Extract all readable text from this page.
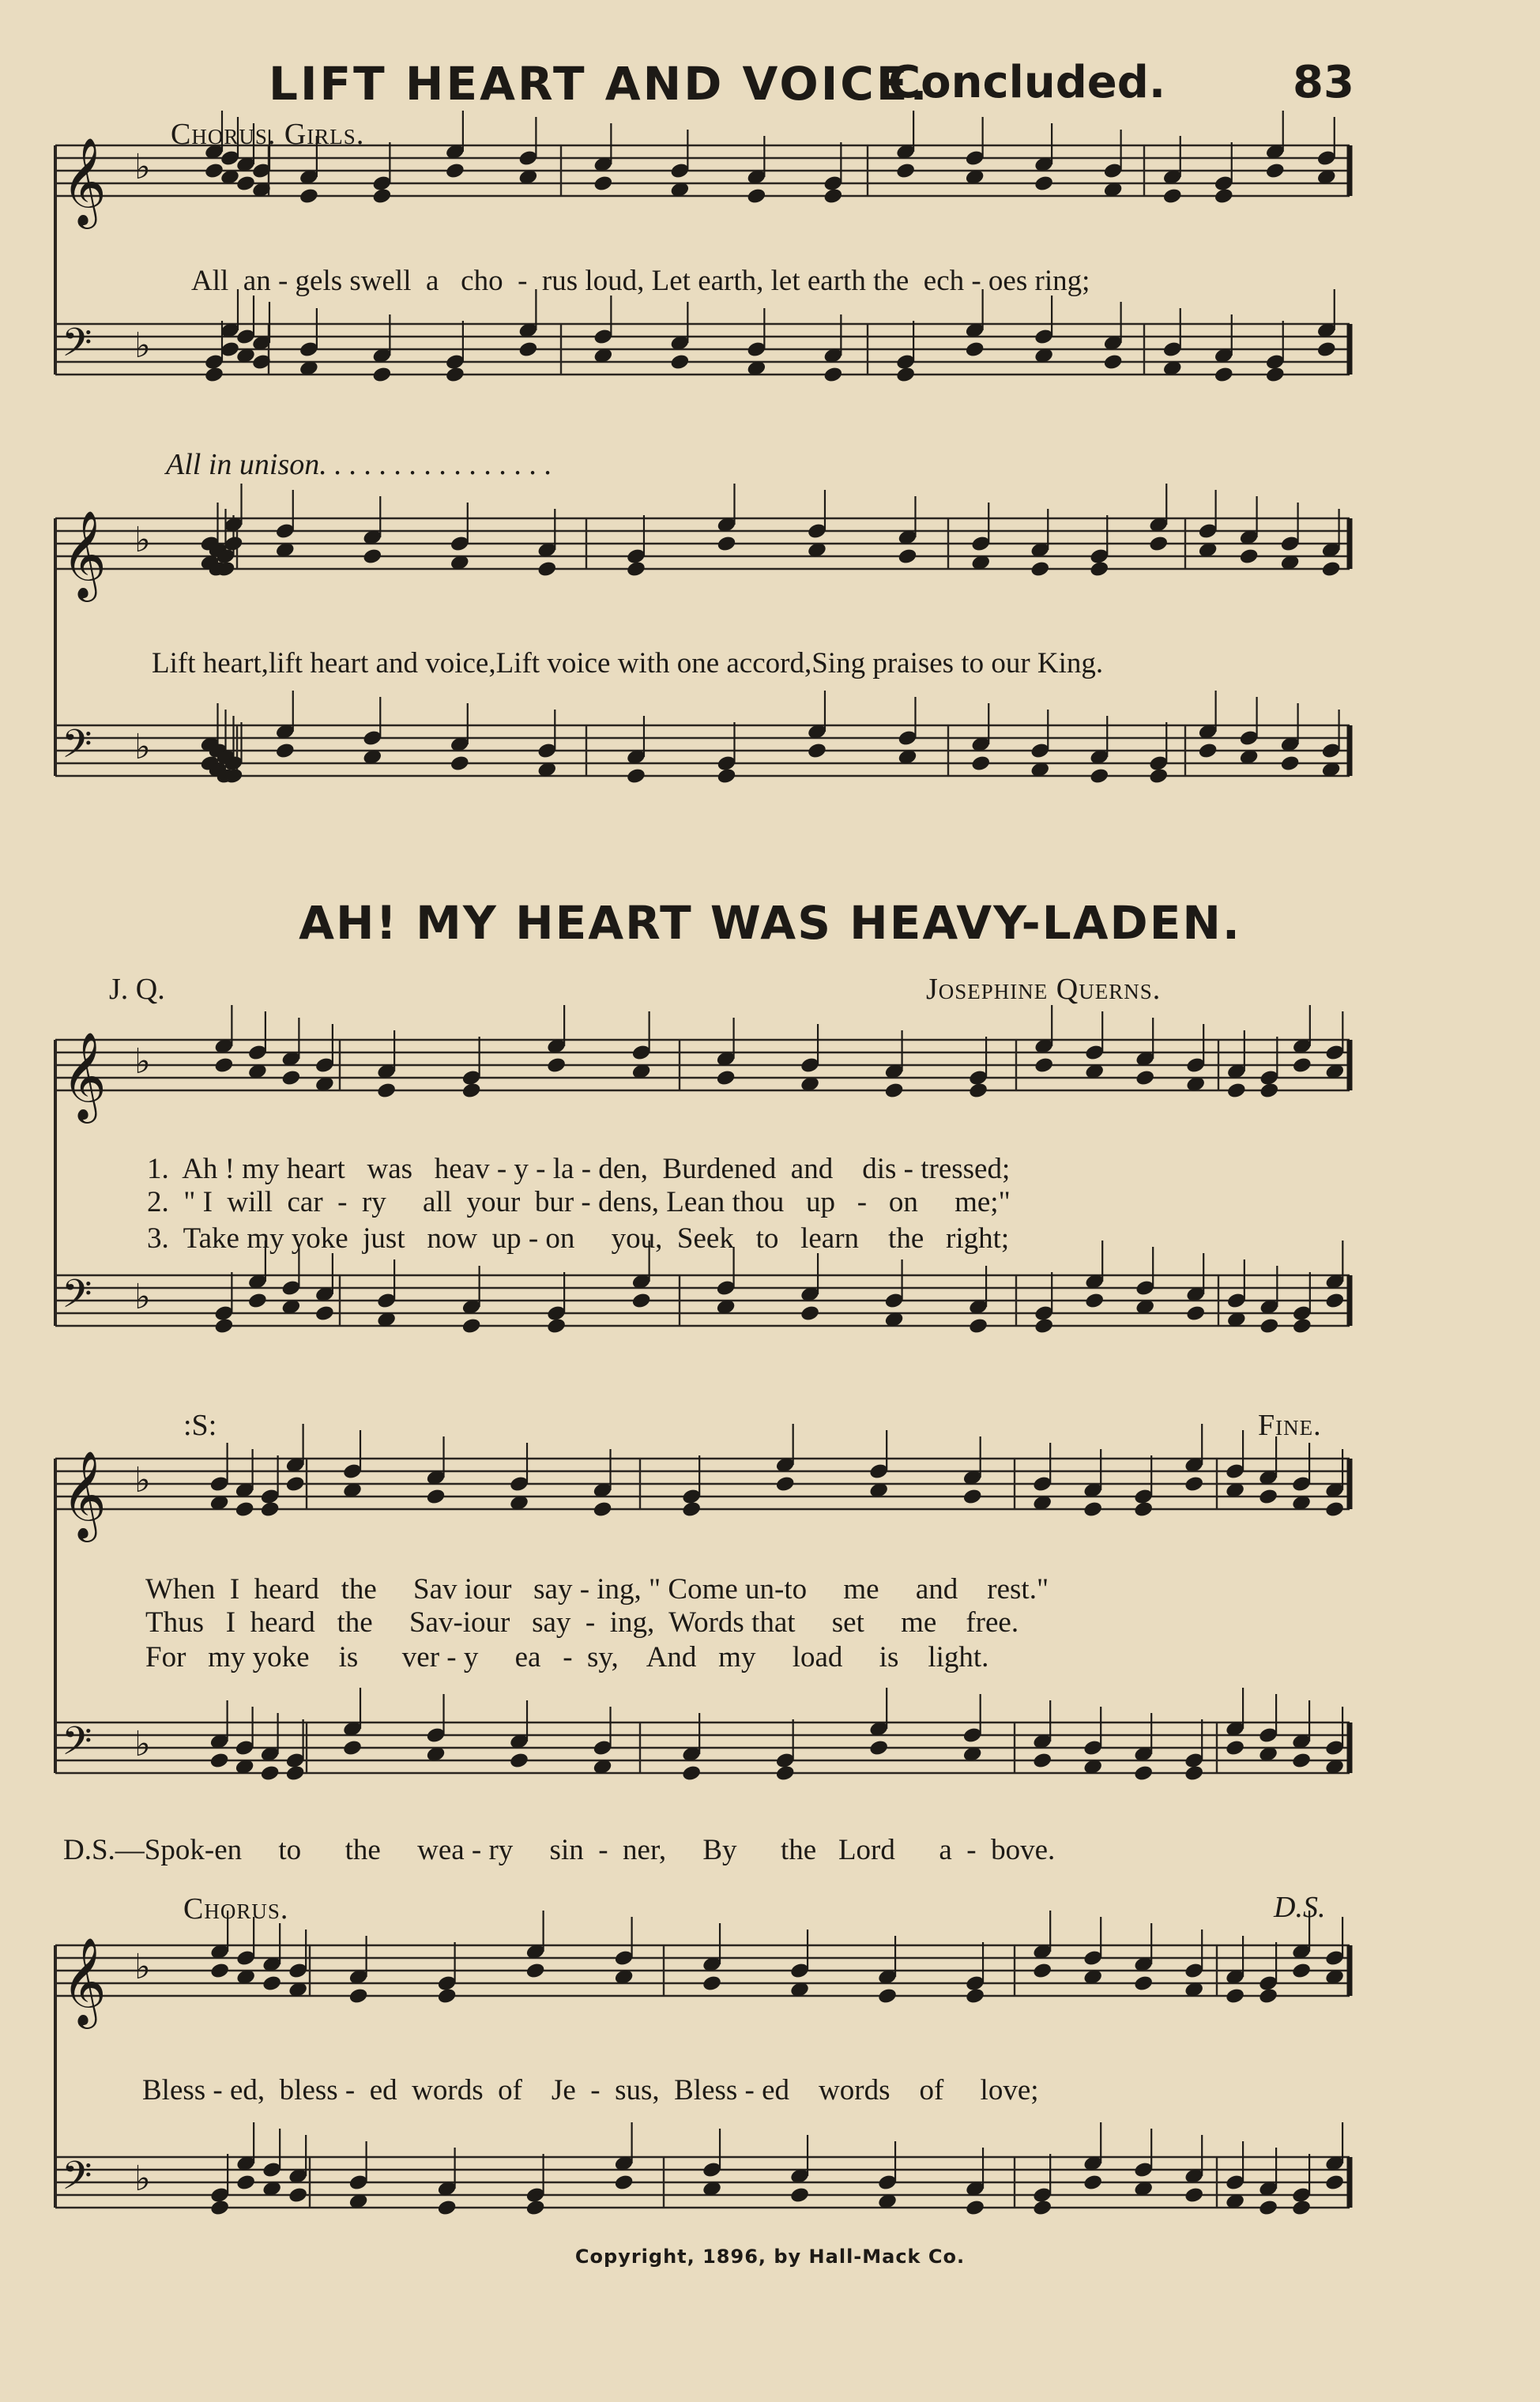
𝄞 ♭
𝄢 ♭
𝄞 ♭
𝄢 ♭
𝄞 ♭
𝄢 ♭
𝄞 ♭
𝄢 ♭
𝄞 ♭
𝄢 ♭
LIFT HEART AND VOICE.
Concluded.	83
Chorus. Girls.
All  an - gels swell  a   cho  -  rus loud, Let earth, let earth the  ech - oes ring;
All in unison. . . . . . . . . . . . . . . .
Lift heart,lift heart and voice,Lift voice with one accord,Sing praises to our King.
AH! MY HEART WAS HEAVY-LADEN.
J. Q.	Josephine Querns.
1.  Ah ! my heart   was   heav - y - la - den,  Burdened  and    dis - tressed;
2.  " I  will  car  -  ry     all  your  bur - dens, Lean thou   up   -   on     me;"
3.  Take my yoke  just   now  up - on     you,  Seek   to   learn    the   right;
:S:	Fine.
When  I  heard   the     Sav iour   say - ing, " Come un-to     me     and    rest."
Thus   I  heard   the     Sav-iour   say  -  ing,  Words that     set     me    free.
For   my yoke    is      ver - y     ea   -  sy,    And   my     load     is    light.
D.S.—Spok-en     to      the     wea - ry     sin  -  ner,     By      the   Lord      a  -  bove.
Chorus.	D.S.
Bless - ed,  bless -  ed  words  of    Je  -  sus,  Bless - ed    words    of     love;
Copyright, 1896, by Hall-Mack Co.
